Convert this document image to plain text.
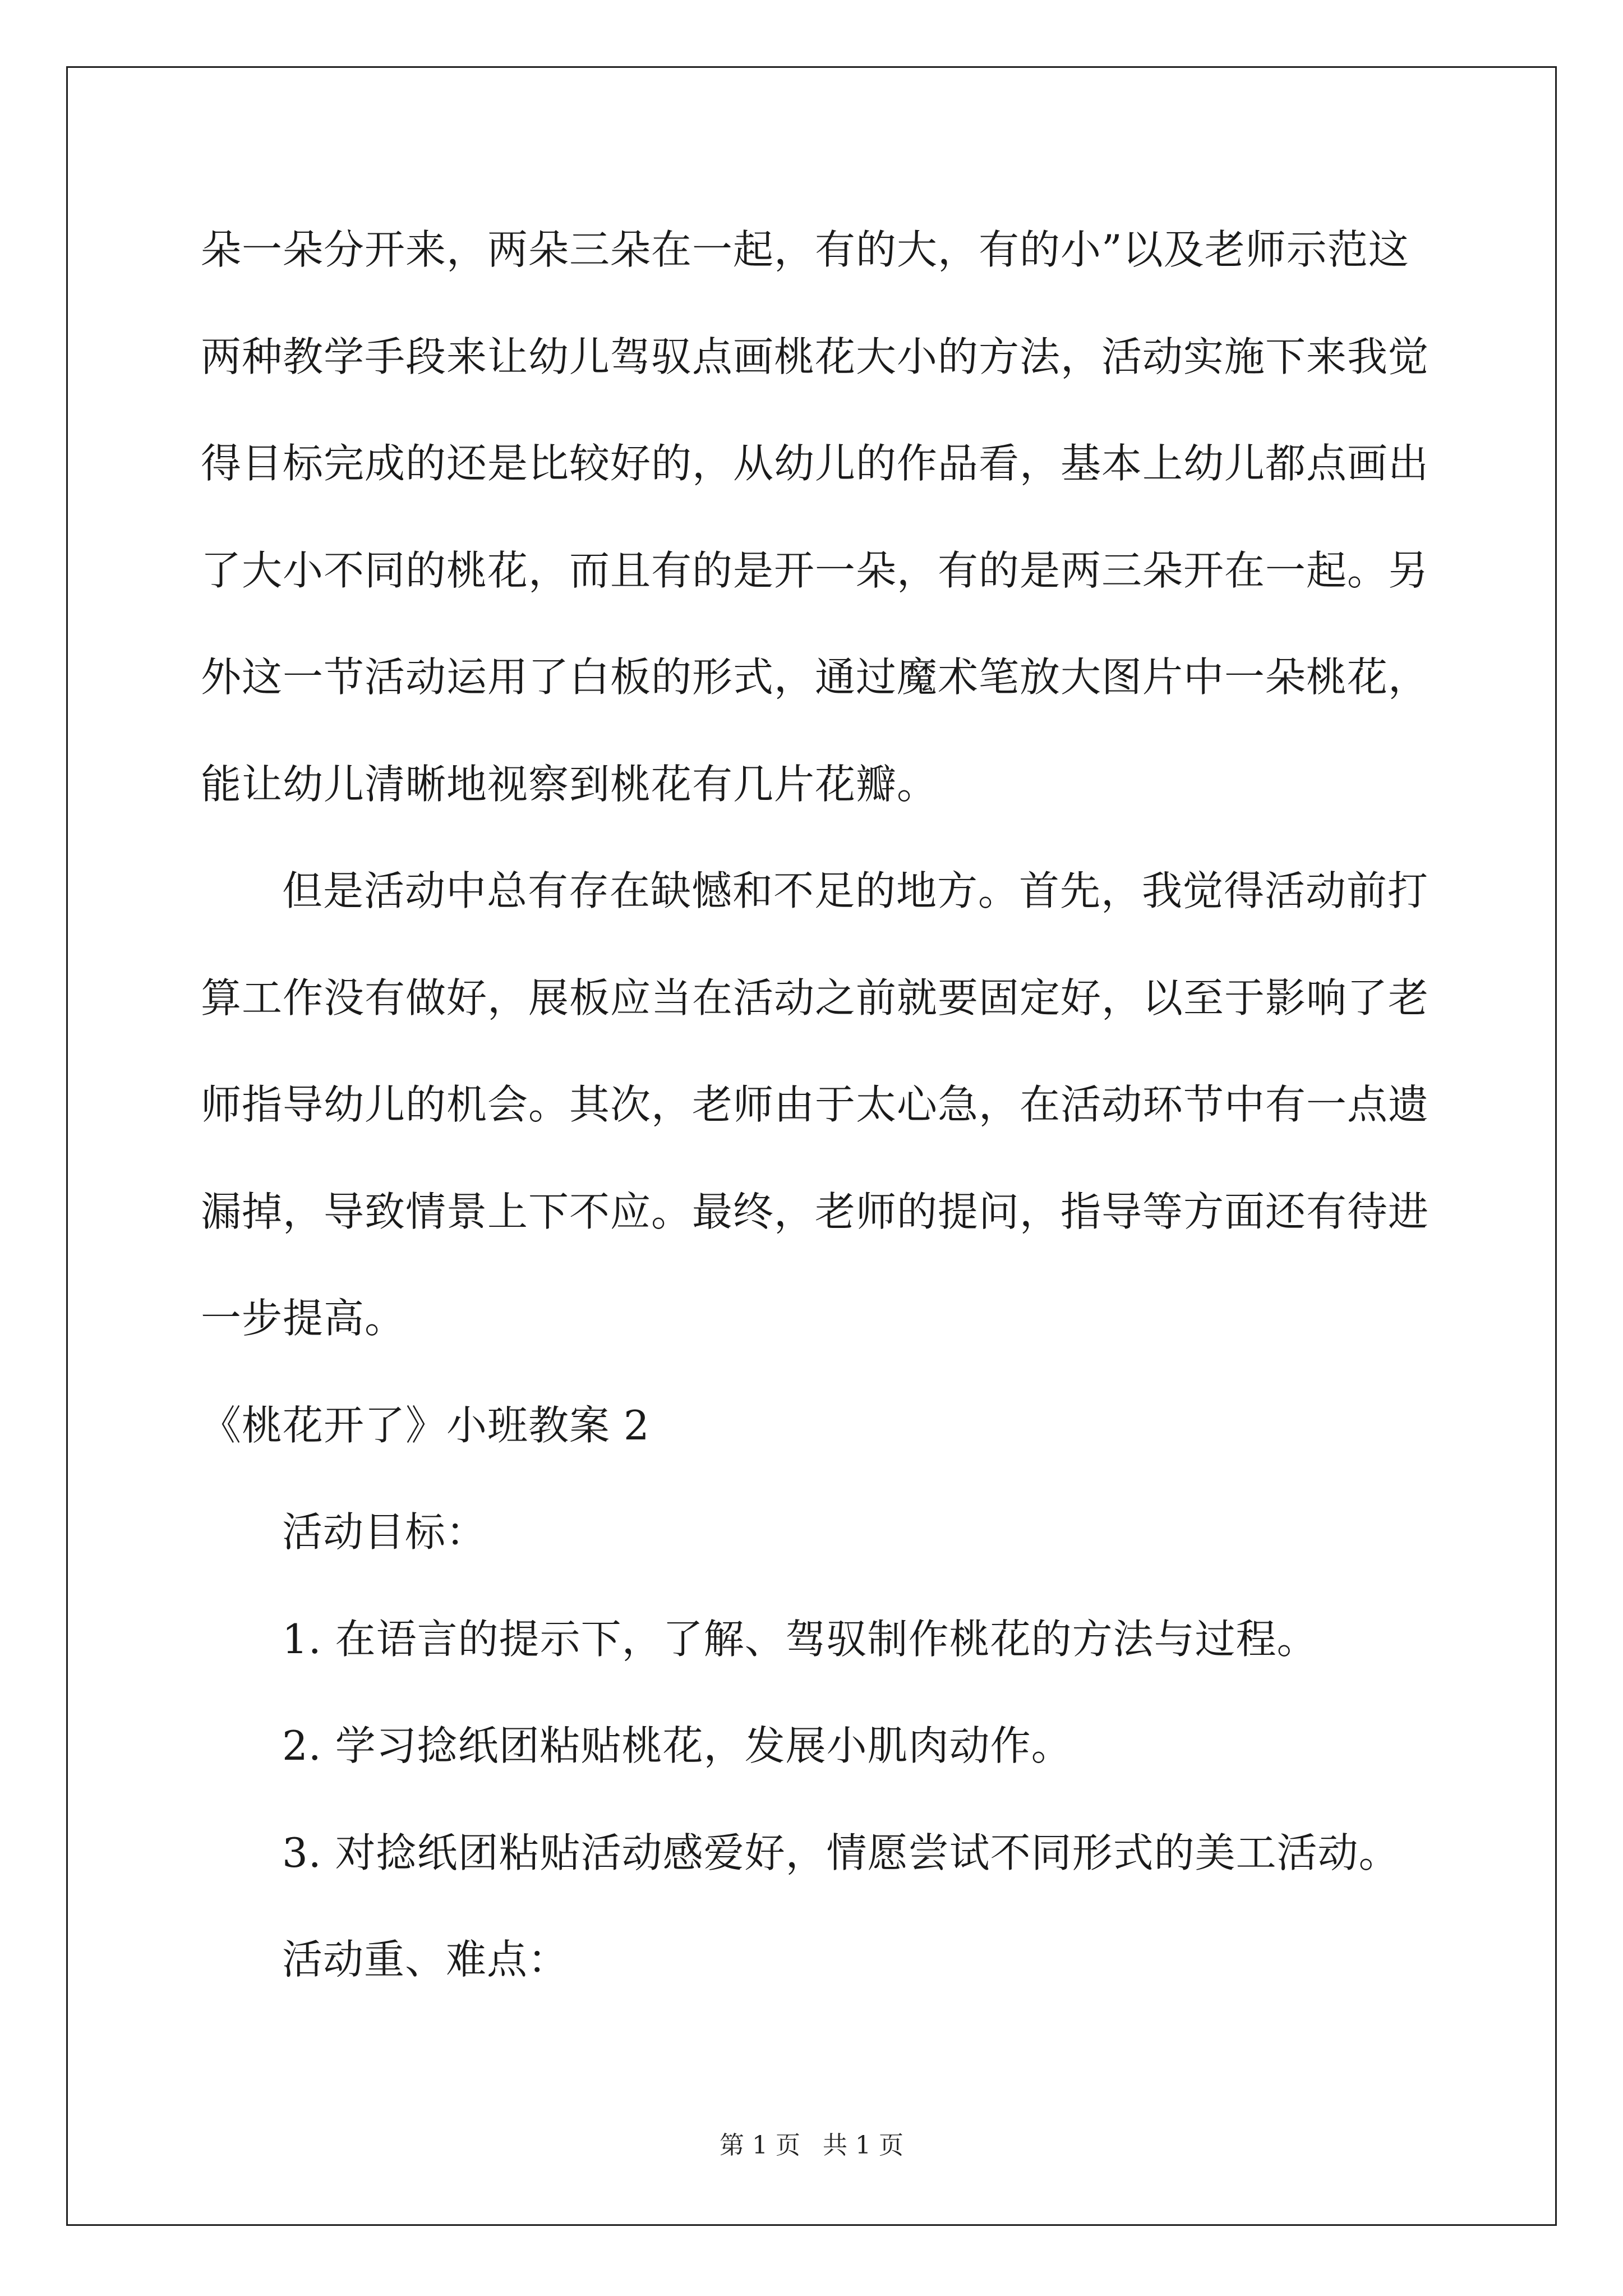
朵一朵分开来，两朵三朵在一起，有的大，有的小”以及老师示范这
两种教学手段来让幼儿驾驭点画桃花大小的方法，活动实施下来我觉
得目标完成的还是比较好的，从幼儿的作品看，基本上幼儿都点画出
了大小不同的桃花，而且有的是开一朵，有的是两三朵开在一起。另
外这一节活动运用了白板的形式，通过魔术笔放大图片中一朵桃花，
能让幼儿清晰地视察到桃花有几片花瓣。
但是活动中总有存在缺憾和不足的地方。首先，我觉得活动前打
算工作没有做好，展板应当在活动之前就要固定好，以至于影响了老
师指导幼儿的机会。其次，老师由于太心急，在活动环节中有一点遗
漏掉，导致情景上下不应。最终，老师的提问，指导等方面还有待进
一步提高。
《桃花开了》小班教案 2
活动目标：
1. 在语言的提示下，了解、驾驭制作桃花的方法与过程。
2. 学习捻纸团粘贴桃花，发展小肌肉动作。
3. 对捻纸团粘贴活动感爱好，情愿尝试不同形式的美工活动。
活动重、难点：
第 1 页 共 1 页
